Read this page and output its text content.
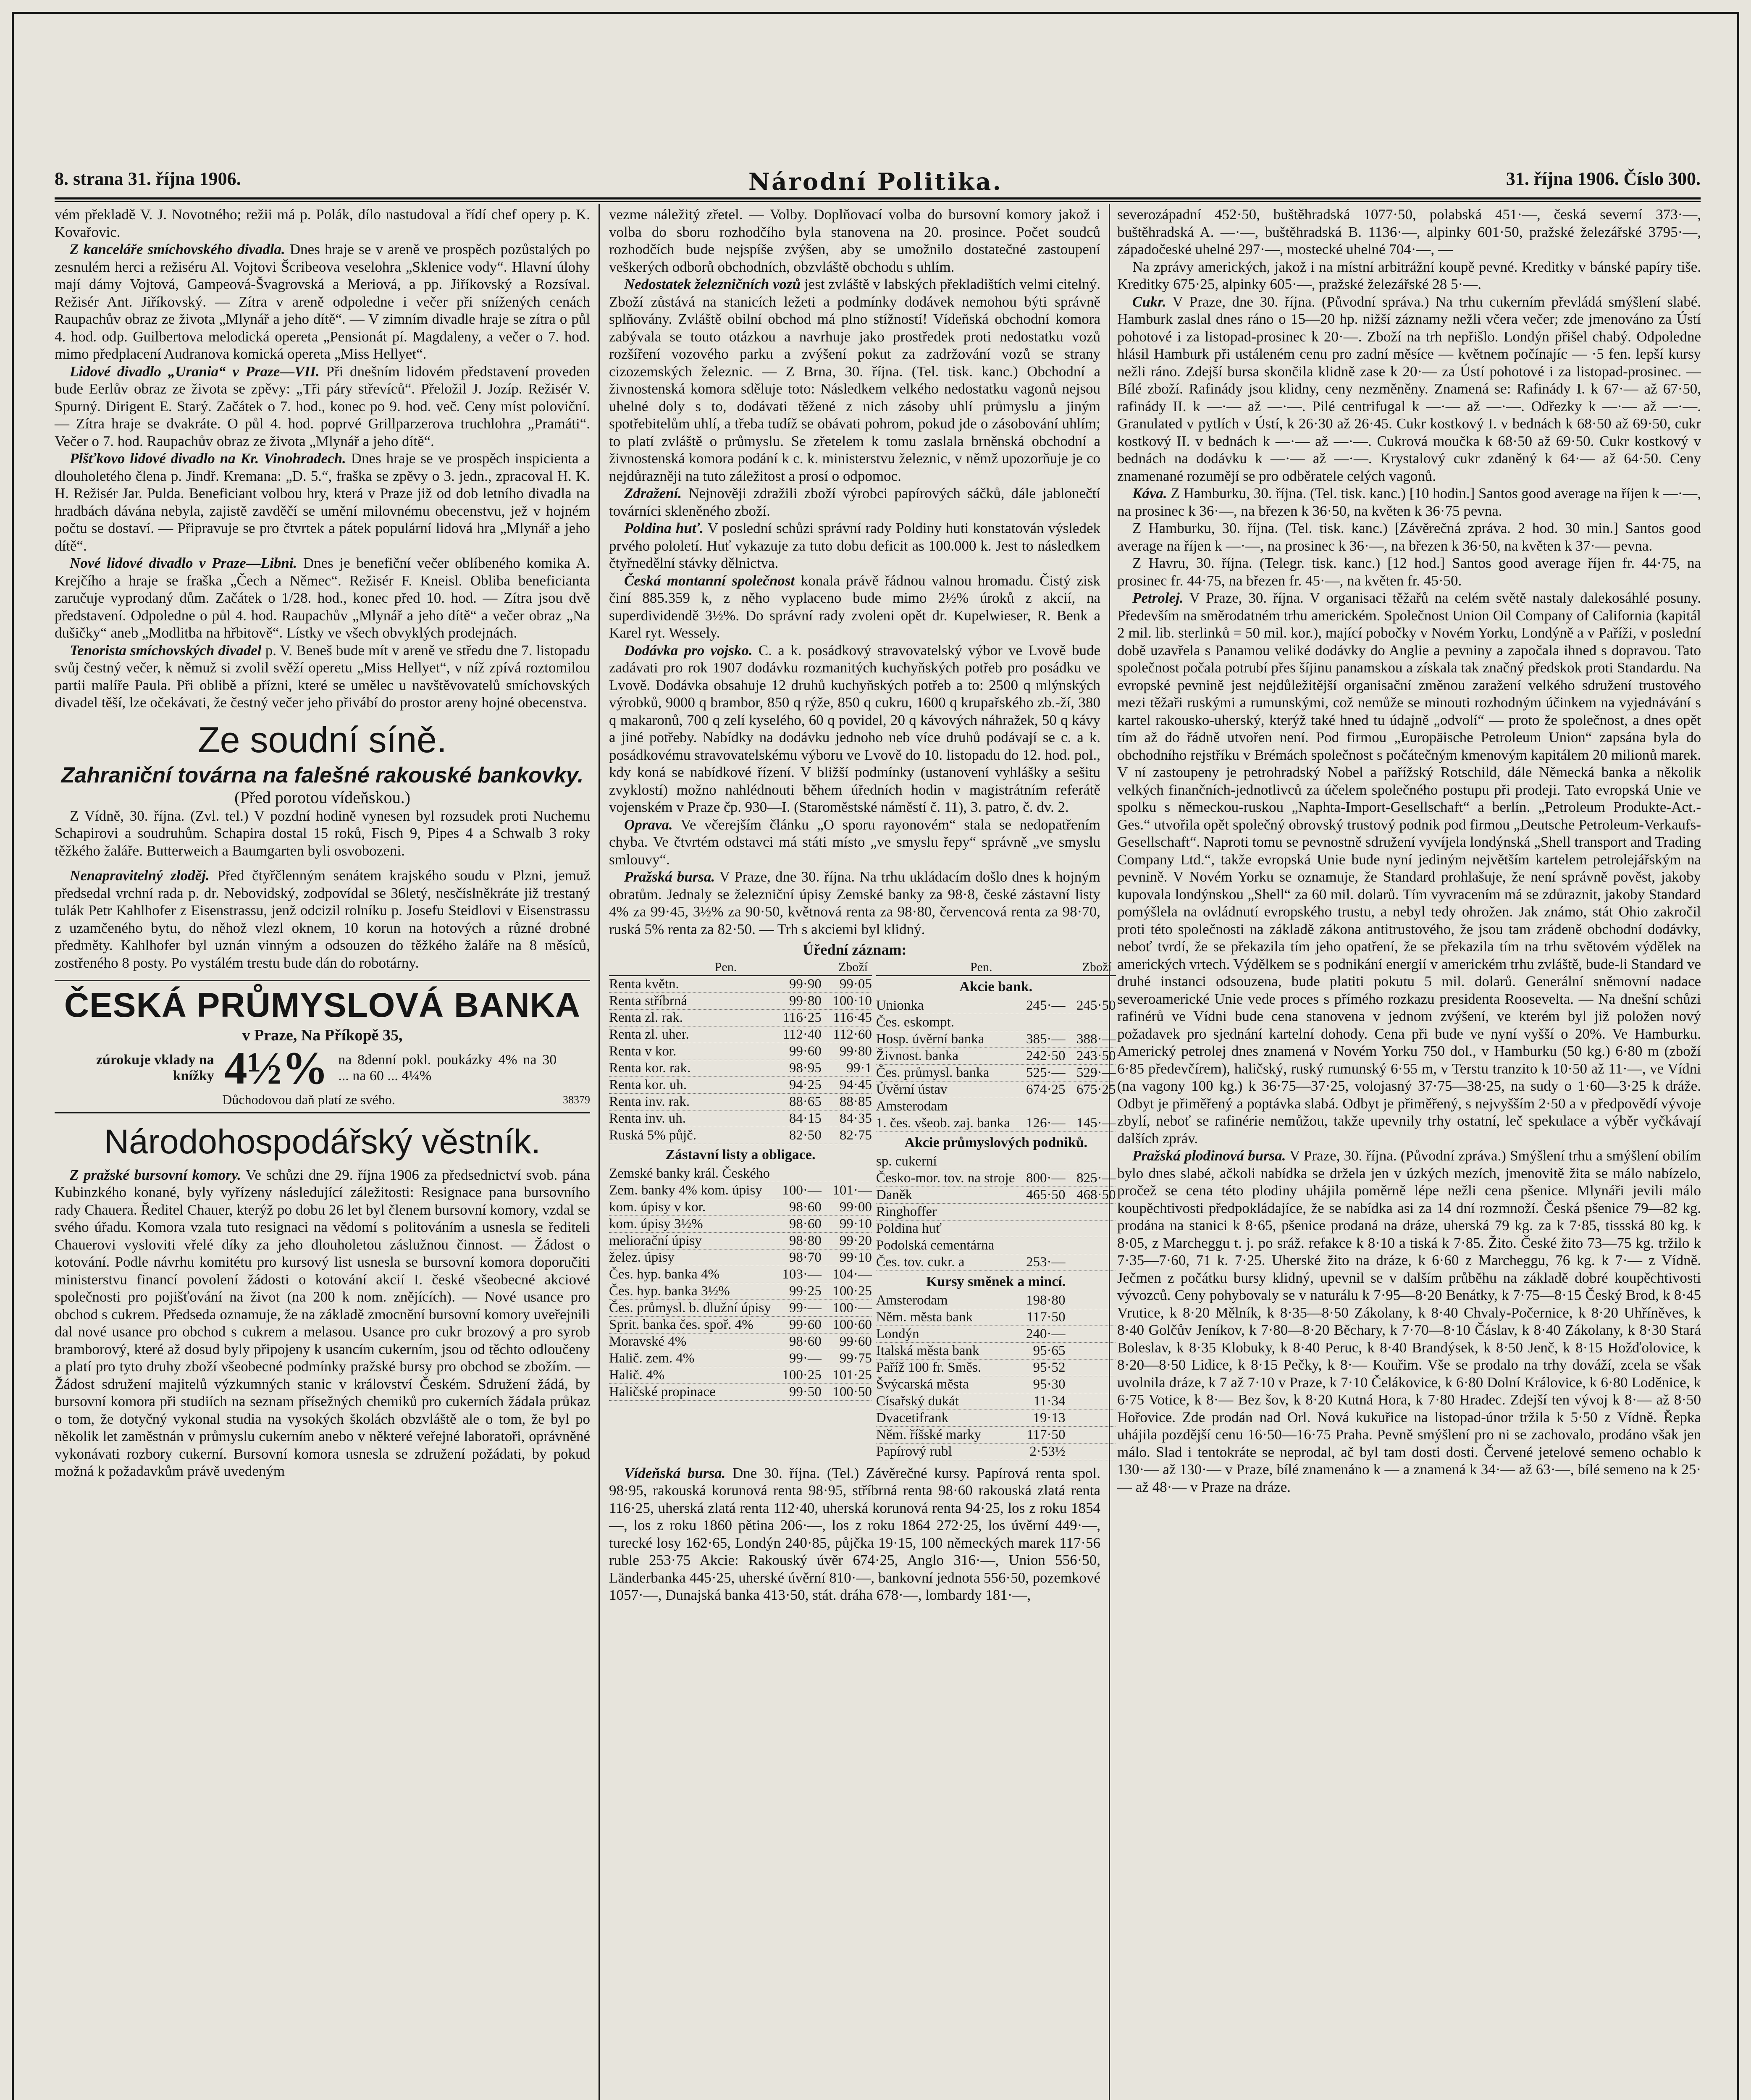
8. strana 31. října 1906.	Národní Politika.	31. října 1906. Číslo 300.

vém překladě V. J. Novotného; režii má p. Polák, dílo nastudoval a řídí chef opery p. K. Kovařovic.

Z kanceláře smíchovského divadla. Dnes hraje se v areně ve prospěch pozůstalých po zesnulém herci a režiséru Al. Vojtovi Šcribeova veselohra „Sklenice vody“. Hlavní úlohy mají dámy Vojtová, Gampeová-Švagrovská a Meriová, a pp. Jiříkovský a Rozsíval. Režisér Ant. Jiříkovský. — Zítra v areně odpoledne i večer při snížených cenách Raupachův obraz ze života „Mlynář a jeho dítě“. — V zimním divadle hraje se zítra o půl 4. hod. odp. Guilbertova melodická opereta „Pensionát pí. Magdaleny, a večer o 7. hod. mimo předplacení Audranova komická opereta „Miss Hellyet“.

Lidové divadlo „Urania“ v Praze—VII. Při dnešním lidovém představení proveden bude Eerlův obraz ze života se zpěvy: „Tři páry střevíců“. Přeložil J. Jozíp. Režisér V. Spurný. Dirigent E. Starý. Začátek o 7. hod., konec po 9. hod. več. Ceny míst poloviční. — Zítra hraje se dvakráte. O půl 4. hod. poprvé Grillparzerova truchlohra „Pramáti“. Večer o 7. hod. Raupachův obraz ze života „Mlynář a jeho dítě“.

Plšťkovo lidové divadlo na Kr. Vinohradech. Dnes hraje se ve prospěch inspicienta a dlouholetého člena p. Jindř. Kremana: „D. 5.“, fraška se zpěvy o 3. jedn., zpracoval H. K. H. Režisér Jar. Pulda. Beneficiant volbou hry, která v Praze již od dob letního divadla na hradbách dávána nebyla, zajistě zavděčí se umění milovnému obecenstvu, jež v hojném počtu se dostaví. — Připravuje se pro čtvrtek a pátek populární lidová hra „Mlynář a jeho dítě“.

Nové lidové divadlo v Praze—Libni. Dnes je benefiční večer oblíbeného komika A. Krejčího a hraje se fraška „Čech a Němec“. Režisér F. Kneisl. Obliba beneficianta zaručuje vyprodaný dům. Začátek o 1/28. hod., konec před 10. hod. — Zítra jsou dvě představení. Odpoledne o půl 4. hod. Raupachův „Mlynář a jeho dítě“ a večer obraz „Na dušičky“ aneb „Modlitba na hřbitově“. Lístky ve všech obvyklých prodejnách.

Tenorista smíchovských divadel p. V. Beneš bude mít v areně ve středu dne 7. listopadu svůj čestný večer, k němuž si zvolil svěží operetu „Miss Hellyet“, v níž zpívá roztomilou partii malíře Paula. Při oblibě a přízni, které se umělec u navštěvovatelů smíchovských divadel těší, lze očekávati, že čestný večer jeho přivábí do prostor areny hojné obecenstva.

Ze soudní síně.
Zahraniční továrna na falešné rakouské bankovky.
(Před porotou vídeňskou.)

Z Vídně, 30. října. (Zvl. tel.) V pozdní hodině vynesen byl rozsudek proti Nuchemu Schapirovi a soudruhům. Schapira dostal 15 roků, Fisch 9, Pipes 4 a Schwalb 3 roky těžkého žaláře. Butterweich a Baumgarten byli osvobozeni.

Nenapravitelný zloděj. Před čtyřčlenným senátem krajského soudu v Plzni, jemuž předsedal vrchní rada p. dr. Nebovidský, zodpovídal se 36letý, nesčíslněkráte již trestaný tulák Petr Kahlhofer z Eisenstrassu, jenž odcizil rolníku p. Josefu Steidlovi v Eisenstrassu z uzamčeného bytu, do něhož vlezl oknem, 10 korun na hotových a různé drobné předměty. Kahlhofer byl uznán vinným a odsouzen do těžkého žaláře na 8 měsíců, zostřeného 8 posty. Po vystálém trestu bude dán do robotárny.

ČESKÁ PRŮMYSLOVÁ BANKA
v Praze, Na Příkopě 35,
zúrokuje vklady na knížky 4½% na 8denní pokl. poukázky 4% na 30 ... na 60 ... 4¼%
Důchodovou daň platí ze svého.	38379
Národohospodářský věstník.

Z pražské bursovní komory. Ve schůzi dne 29. října 1906 za předsednictví svob. pána Kubinzkého konané, byly vyřízeny následující záležitosti: Resignace pana bursovního rady Chauera. Ředitel Chauer, kterýž po dobu 26 let byl členem bursovní komory, vzdal se svého úřadu. Komora vzala tuto resignaci na vědomí s politováním a usnesla se řediteli Chauerovi vysloviti vřelé díky za jeho dlouholetou záslužnou činnost. — Žádost o kotování. Podle návrhu komitétu pro kursový list usnesla se bursovní komora doporučiti ministerstvu financí povolení žádosti o kotování akcií I. české všeobecné akciové společnosti pro pojišťování na život (na 200 k nom. znějících). — Nové usance pro obchod s cukrem. Předseda oznamuje, že na základě zmocnění bursovní komory uveřejnili dal nové usance pro obchod s cukrem a melasou. Usance pro cukr brozový a pro syrob bramborový, které až dosud byly připojeny k usancím cukerním, jsou od těchto odloučeny a platí pro tyto druhy zboží všeobecné podmínky pražské bursy pro obchod se zbožím. — Žádost sdružení majitelů výzkumných stanic v království Českém. Sdružení žádá, by bursovní komora při studiích na seznam přísežných chemiků pro cukerních žádala průkaz o tom, že dotyčný vykonal studia na vysokých školách obzvláště ale o tom, že byl po několik let zaměstnán v průmyslu cukerním anebo v některé veřejné laboratoři, oprávněné vykonávati rozbory cukerní. Bursovní komora usnesla se združení požádati, by pokud možná k požadavkům právě uvedeným

vezme náležitý zřetel. — Volby. Doplňovací volba do bursovní komory jakož i volba do sboru rozhodčího byla stanovena na 20. prosince. Počet soudců rozhodčích bude nejspíše zvýšen, aby se umožnilo dostatečné zastoupení veškerých odborů obchodních, obzvláště obchodu s uhlím.

Nedostatek železničních vozů jest zvláště v labských překladištích velmi citelný. Zboží zůstává na stanicích ležeti a podmínky dodávek nemohou býti správně splňovány. Zvláště obilní obchod má plno stížností! Vídeňská obchodní komora zabývala se touto otázkou a navrhuje jako prostředek proti nedostatku vozů rozšíření vozového parku a zvýšení pokut za zadržování vozů se strany cizozemských železnic. — Z Brna, 30. října. (Tel. tisk. kanc.) Obchodní a živnostenská komora sděluje toto: Následkem velkého nedostatku vagonů nejsou uhelné doly s to, dodávati těžené z nich zásoby uhlí průmyslu a jiným spotřebitelům uhlí, a třeba tudíž se obávati pohrom, pokud jde o zásobování uhlím; to platí zvláště o průmyslu. Se zřetelem k tomu zaslala brněnská obchodní a živnostenská komora podání k c. k. ministerstvu železnic, v němž upozorňuje je co nejdůrazněji na tuto záležitost a prosí o odpomoc.

Zdražení. Nejnověji zdražili zboží výrobci papírových sáčků, dále jablonečtí továrníci skleněného zboží.

Poldina huť. V poslední schůzi správní rady Poldiny huti konstatován výsledek prvého pololetí. Huť vykazuje za tuto dobu deficit as 100.000 k. Jest to následkem čtyřnedělní stávky dělnictva.

Česká montanní společnost konala právě řádnou valnou hromadu. Čistý zisk činí 885.359 k, z něho vyplaceno bude mimo 2½% úroků z akcií, na superdividendě 3½%. Do správní rady zvoleni opět dr. Kupelwieser, R. Benk a Karel ryt. Wessely.

Dodávka pro vojsko. C. a k. posádkový stravovatelský výbor ve Lvově bude zadávati pro rok 1907 dodávku rozmanitých kuchyňských potřeb pro posádku ve Lvově. Dodávka obsahuje 12 druhů kuchyňských potřeb a to: 2500 q mlýnských výrobků, 9000 q brambor, 850 q rýže, 850 q cukru, 1600 q krupařského zb.-ží, 380 q makaronů, 700 q zelí kyselého, 60 q povidel, 20 q kávových náhražek, 50 q kávy a jiné potřeby. Nabídky na dodávku jednoho neb více druhů podávají se c. a k. posádkovému stravovatelskému výboru ve Lvově do 10. listopadu do 12. hod. pol., kdy koná se nabídkové řízení. V bližší podmínky (ustanovení vyhlášky a sešitu zvyklostí) možno nahlédnouti během úředních hodin v magistrátním referátě vojenském v Praze čp. 930—I. (Staroměstské náměstí č. 11), 3. patro, č. dv. 2.

Oprava. Ve včerejším článku „O sporu rayonovém“ stala se nedopatřením chyba. Ve čtvrtém odstavci má státi místo „ve smyslu řepy“ správně „ve smyslu smlouvy“.

Pražská bursa. V Praze, dne 30. října. Na trhu ukládacím došlo dnes k hojným obratům. Jednaly se železniční úpisy Zemské banky za 98·8, české zástavní listy 4% za 99·45, 3½% za 90·50, květnová renta za 98·80, červencová renta za 98·70, ruská 5% renta za 82·50. — Trh s akciemi byl klidný.

Úřední záznam:
Pen.	Zboží
Renta květn.	99·90	99·05
Renta stříbrná	99·80 100·10
Renta zl. rak.	116·25 116·45
Renta zl. uher.	112·40 112·60
Renta v kor.	99·60	99·80
Renta kor. rak.	98·95	99·1
Renta kor. uh.	94·25	94·45
Renta inv. rak.	88·65	88·85
Renta inv. uh.	84·15	84·35
Ruská 5% půjč.	82·50	82·75
Zástavní listy a obligace.
Zemské banky král. Českého
Zem. banky 4% kom. úpisy	100·— 101·—
kom. úpisy v kor.	98·60	99·00
kom. úpisy 3½%	98·60	99·10
meliorační úpisy	98·80	99·20
želez. úpisy	98·70	99·10
Čes. hyp. banka 4%	103·— 104·—
Čes. hyp. banka 3½%	99·25 100·25
Čes. průmysl. b. dlužní úpisy	99·— 100·—
Sprit. banka čes. spoř. 4%	99·60 100·60
Moravské 4%	98·60	99·60
Halič. zem. 4%	99·—	99·75
Halič. 4%	100·25 101·25
Haličské propinace	99·50 100·50
Pen.	Zboží
Akcie bank.
Unionka	245·— 245·50
Čes. eskompt.
Hosp. úvěrní banka	385·— 388·—
Živnost. banka	242·50 243·50
Čes. průmysl. banka	525·— 529·—
Úvěrní ústav	674·25 675·25
Amsterodam
1. čes. všeob. zaj. banka	126·— 145·—
Akcie průmyslových podniků.
sp. cukerní
Česko-mor. tov. na stroje 800·— 825·—
Daněk	465·50 468·50
Ringhoffer
Poldina huť
Podolská cementárna
Čes. tov. cukr. a	253·—
Kursy směnek a mincí.
Amsterodam	198·80
Něm. města bank	117·50
Londýn	240·—
Italská města bank	95·65
Paříž 100 fr. Směs.	95·52
Švýcarská města	95·30
Císařský dukát	11·34
Dvacetifrank	19·13
Něm. říšské marky	117·50
Papírový rubl	2·53½

Vídeňská bursa. Dne 30. října. (Tel.) Závěrečné kursy. Papírová renta spol. 98·95, rakouská korunová renta 98·95, stříbrná renta 98·60 rakouská zlatá renta 116·25, uherská zlatá renta 112·40, uherská korunová renta 94·25, los z roku 1854 —, los z roku 1860 pětina 206·—, los z roku 1864 272·25, los úvěrní 449·—, turecké losy 162·65, Londýn 240·85, půjčka 19·15, 100 německých marek 117·56 ruble 253·75 Akcie: Rakouský úvěr 674·25, Anglo 316·—, Union 556·50, Länderbanka 445·25, uherské úvěrní 810·—, bankovní jednota 556·50, pozemkové 1057·—, Dunajská banka 413·50, stát. dráha 678·—, lombardy 181·—,

severozápadní 452·50, buštěhradská 1077·50, polabská 451·—, česká severní 373·—, buštěhradská A. —·—, buštěhradská B. 1136·—, alpinky 601·50, pražské železářské 3795·—, západočeské uhelné 297·—, mostecké uhelné 704·—, —

Na zprávy amerických, jakož i na místní arbitrážní koupě pevné. Kreditky v bánské papíry tiše. Kreditky 675·25, alpinky 605·—, pražské železářské 28 5·—.

Cukr. V Praze, dne 30. října. (Původní správa.) Na trhu cukerním převládá smýšlení slabé. Hamburk zaslal dnes ráno o 15—20 hp. nižší záznamy nežli včera večer; zde jmenováno za Ústí pohotové i za listopad-prosinec k 20·—. Zboží na trh nepřišlo. Londýn přišel chabý. Odpoledne hlásil Hamburk při ustáleném cenu pro zadní měsíce — květnem počínajíc — ·5 fen. lepší kursy nežli ráno. Zdejší bursa skončila klidně zase k 20·— za Ústí pohotové i za listopad-prosinec. — Bílé zboží. Rafinády jsou klidny, ceny nezměněny. Znamená se: Rafinády I. k 67·— až 67·50, rafinády II. k —·— až —·—. Pilé centrifugal k —·— až —·—. Odřezky k —·— až —·—. Granulated v pytlích v Ústí, k 26·30 až 26·45. Cukr kostkový I. v bednách k 68·50 až 69·50, cukr kostkový II. v bednách k —·— až —·—. Cukrová moučka k 68·50 až 69·50. Cukr kostkový v bednách na dodávku k —·— až —·—. Krystalový cukr zdaněný k 64·— až 64·50. Ceny znamenané rozumějí se pro odběratele celých vagonů.

Káva. Z Hamburku, 30. října. (Tel. tisk. kanc.) [10 hodin.] Santos good average na říjen k —·—, na prosinec k 36·—, na březen k 36·50, na květen k 36·75 pevna.

Z Hamburku, 30. října. (Tel. tisk. kanc.) [Závěrečná zpráva. 2 hod. 30 min.] Santos good average na říjen k —·—, na prosinec k 36·—, na březen k 36·50, na květen k 37·— pevna.

Z Havru, 30. října. (Telegr. tisk. kanc.) [12 hod.] Santos good average říjen fr. 44·75, na prosinec fr. 44·75, na březen fr. 45·—, na květen fr. 45·50.

Petrolej. V Praze, 30. října. V organisaci těžařů na celém světě nastaly dalekosáhlé posuny. Především na směrodatném trhu americkém. Společnost Union Oil Company of California (kapitál 2 mil. lib. sterlinků = 50 mil. kor.), mající pobočky v Novém Yorku, Londýně a v Paříži, v poslední době uzavřela s Panamou veliké dodávky do Anglie a pevniny a započala ihned s dopravou. Tato společnost počala potrubí přes šíjinu panamskou a získala tak značný předskok proti Standardu. Na evropské pevnině jest nejdůležitější organisační změnou zaražení velkého sdružení trustového mezi těžaři ruskými a rumunskými, což nemůže se minouti rozhodným účinkem na vyjednávání s kartel rakousko-uherský, kterýž také hned tu údajně „odvolí“ — proto že společnost, a dnes opět tím až do řádně utvořen není. Pod firmou „Europäische Petroleum Union“ zapsána byla do obchodního rejstříku v Brémách společnost s počátečným kmenovým kapitálem 20 milionů marek. V ní zastoupeny je petrohradský Nobel a pařížský Rotschild, dále Německá banka a několik velkých finančních-jednotlivců za účelem společného postupu při prodeji. Tato evropská Unie ve spolku s německou-ruskou „Naphta-Import-Gesellschaft“ a berlín. „Petroleum Produkte-Act.-Ges.“ utvořila opět společný obrovský trustový podnik pod firmou „Deutsche Petroleum-Verkaufs-Gesellschaft“. Naproti tomu se pevnostně sdružení vyvíjela londýnská „Shell transport and Trading Company Ltd.“, takže evropská Unie bude nyní jediným největším kartelem petrolejářským na pevnině. V Novém Yorku se oznamuje, že Standard prohlašuje, že není správně pověst, jakoby kupovala londýnskou „Shell“ za 60 mil. dolarů. Tím vyvracením má se zdůraznit, jakoby Standard pomýšlela na ovládnutí evropského trustu, a nebyl tedy ohrožen. Jak známo, stát Ohio zakročil proti této společnosti na základě zákona antitrustového, že jsou tam zrádeně obchodní dodávky, neboť tvrdí, že se překazila tím jeho opatření, že se překazila tím na trhu světovém výdělek na amerických vrtech. Výdělkem se s podnikání energií v americkém trhu zvláště, bude-li Standard ve druhé instanci odsouzena, bude platiti pokutu 5 mil. dolarů. Generální sněmovní nadace severoamerické Unie vede proces s přímého rozkazu presidenta Roosevelta. — Na dnešní schůzi rafinérů ve Vídni bude cena stanovena v jednom zvýšení, ve kterém byl již položen nový požadavek pro sjednání kartelní dohody. Cena při bude ve nyní vyšší o 20%. Ve Hamburku. Americký petrolej dnes znamená v Novém Yorku 750 dol., v Hamburku (50 kg.) 6·80 m (zboží 6·85 předevčírem), haličský, ruský rumunský 6·55 m, v Terstu tranzito k 10·50 až 11·—, ve Vídni (na vagony 100 kg.) k 36·75—37·25, volojasný 37·75—38·25, na sudy o 1·60—3·25 k dráže. Odbyt je přiměřený a poptávka slabá. Odbyt je přiměřený, s nejvyšším 2·50 a v předpovědí vývoje zbylí, neboť se rafinérie nemůžou, takže upevnily trhy ostatní, leč spekulace a výběr vyčkávají dalších zpráv.

Pražská plodinová bursa. V Praze, 30. října. (Původní zpráva.) Smýšlení trhu a smýšlení obilím bylo dnes slabé, ačkoli nabídka se držela jen v úzkých mezích, jmenovitě žita se málo nabízelo, pročež se cena této plodiny uhájila poměrně lépe nežli cena pšenice. Mlynáři jevili málo koupěchtivosti předpokládajíce, že se nabídka asi za 14 dní rozmnoží. Česká pšenice 79—82 kg. prodána na stanici k 8·65, pšenice prodaná na dráze, uherská 79 kg. za k 7·85, tissská 80 kg. k 8·05, z Marcheggu t. j. po sráž. refakce k 8·10 a tiská k 7·85. Žito. České žito 73—75 kg. tržilo k 7·35—7·60, 71 k. 7·25. Uherské žito na dráze, k 6·60 z Marcheggu, 76 kg. k 7·— z Vídně. Ječmen z počátku bursy klidný, upevnil se v dalším průběhu na základě dobré koupěchtivosti vývozců. Ceny pohybovaly se v naturálu k 7·95—8·20 Benátky, k 7·75—8·15 Český Brod, k 8·45 Vrutice, k 8·20 Mělník, k 8·35—8·50 Zákolany, k 8·40 Chvaly-Počernice, k 8·20 Uhříněves, k 8·40 Golčův Jeníkov, k 7·80—8·20 Běchary, k 7·70—8·10 Čáslav, k 8·40 Zákolany, k 8·30 Stará Boleslav, k 8·35 Klobuky, k 8·40 Peruc, k 8·40 Brandýsek, k 8·50 Jenč, k 8·15 Hožďolovice, k 8·20—8·50 Lidice, k 8·15 Pečky, k 8·— Kouřim. Vše se prodalo na trhy dováží, zcela se však uvolnila dráze, k 7 až 7·10 v Praze, k 7·10 Čelákovice, k 6·80 Dolní Královice, k 6·80 Loděnice, k 6·75 Votice, k 8·— Bez šov, k 8·20 Kutná Hora, k 7·80 Hradec. Zdejší ten vývoj k 8·— až 8·50 Hořovice. Zde prodán nad Orl. Nová kukuřice na listopad-únor tržila k 5·50 z Vídně. Řepka uhájila pozdější cenu 16·50—16·75 Praha. Pevně smýšlení pro ni se zachovalo, prodáno však jen málo. Slad i tentokráte se neprodal, ač byl tam dosti dosti. Červené jetelové semeno ochablo k 130·— až 130·— v Praze, bílé znamenáno k — a znamená k 34·— až 63·—, bílé semeno na k 25·— až 48·— v Praze na dráze.
